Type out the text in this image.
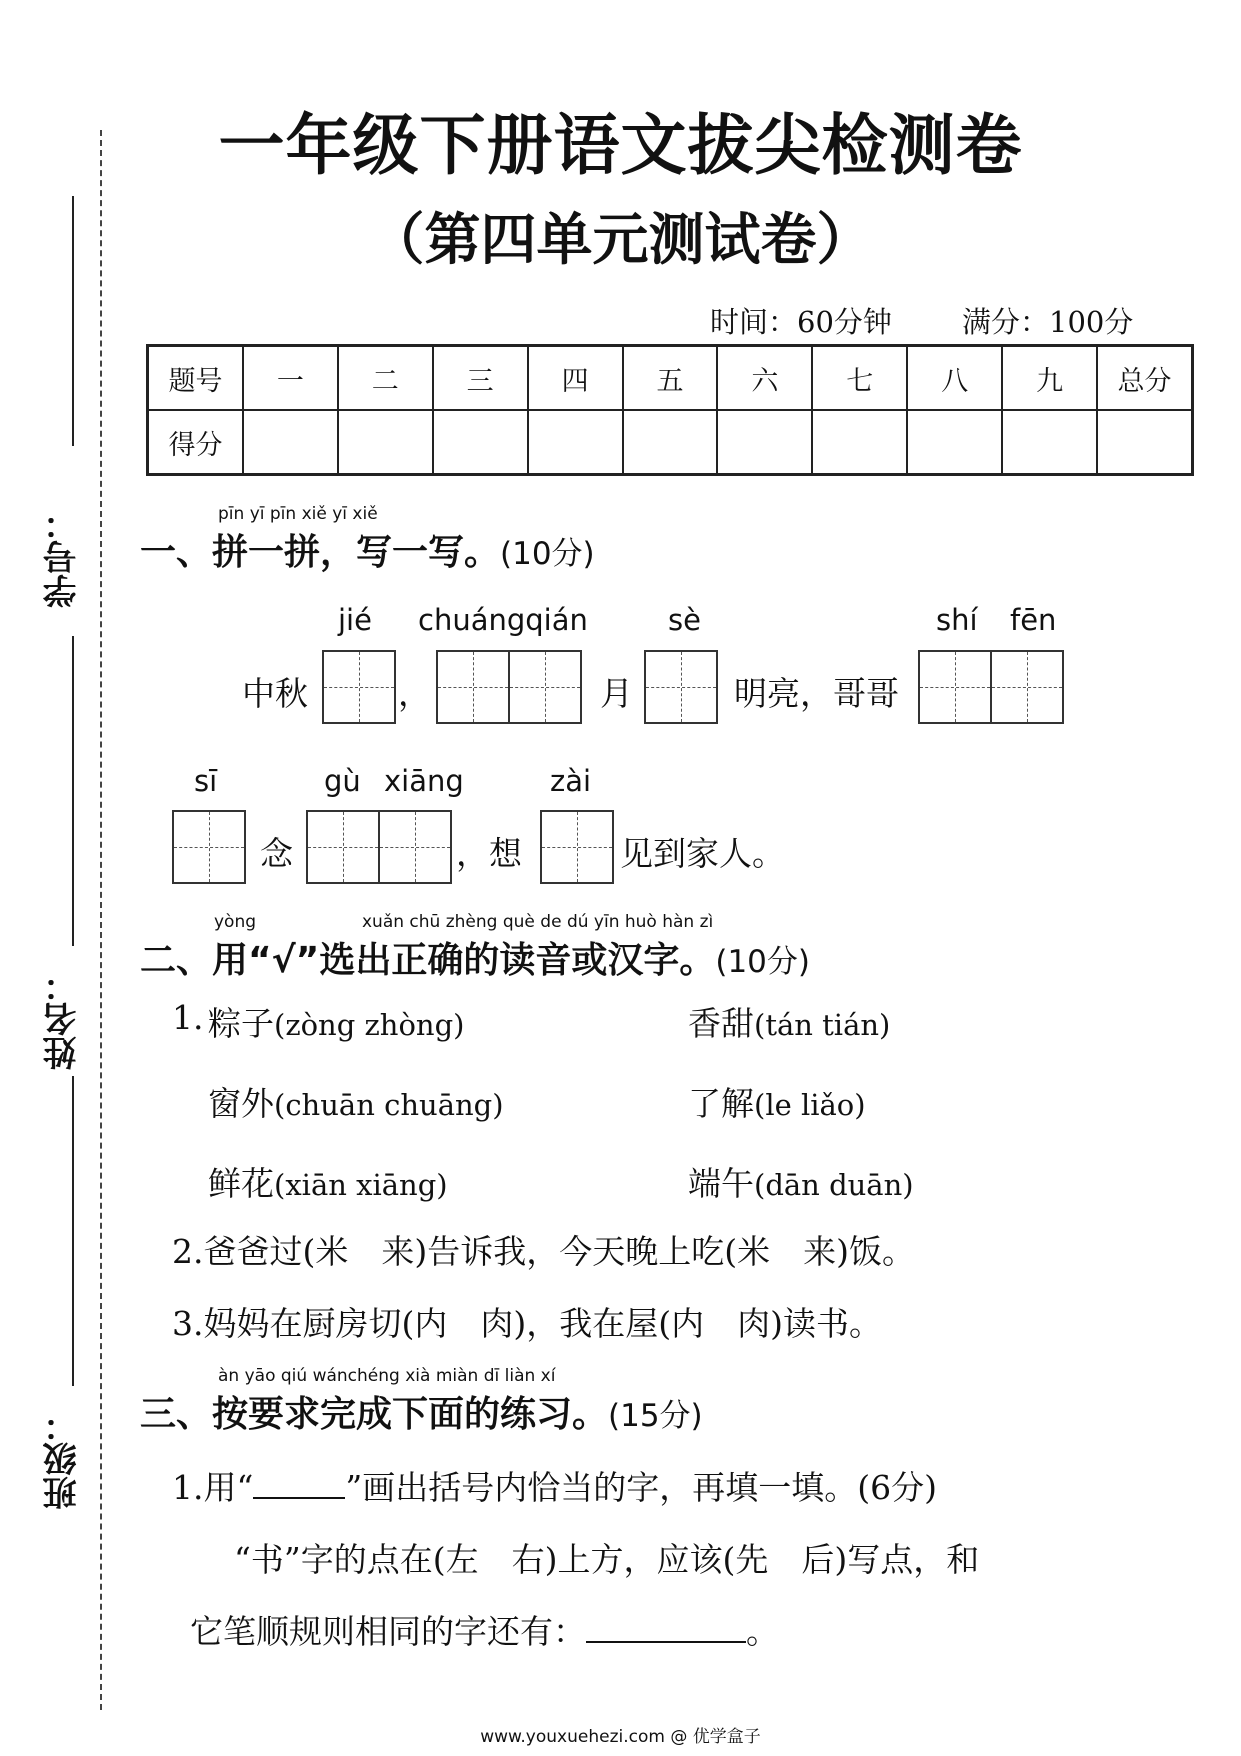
学号：
姓名：
班级：
一年级下册语文拔尖检测卷
（第四单元测试卷）
时间：60分钟 满分：100分
题号	一	二	三	四	五	六	七	八	九	总分
得分										
pīn yī pīn xiě yī xiě
一、拼一拼，写一写。(10分)
jié chuángqián	sè	shí fēn
中秋	，	月	明亮，哥哥
sī	gù xiāng	zài
念	，想	见到家人。
yòng	xuǎn chū zhèng què de dú yīn huò hàn zì
二、用“√”选出正确的读音或汉字。(10分)
1. 粽子(zòng zhòng)	香甜(tán tián)
窗外(chuān chuāng)	了解(le liǎo)
鲜花(xiān xiāng)	端午(dān duān)
2.爸爸过(米　来)告诉我，今天晚上吃(米　来)饭。
3.妈妈在厨房切(内　肉)，我在屋(内　肉)读书。
àn yāo qiú wánchéng xià miàn dī liàn xí
三、按要求完成下面的练习。(15分)
1.用“	”画出括号内恰当的字，再填一填。(6分)
“书”字的点在(左　右)上方，应该(先　后)写点，和
它笔顺规则相同的字还有：	。
www.youxuehezi.com @ 优学盒子
